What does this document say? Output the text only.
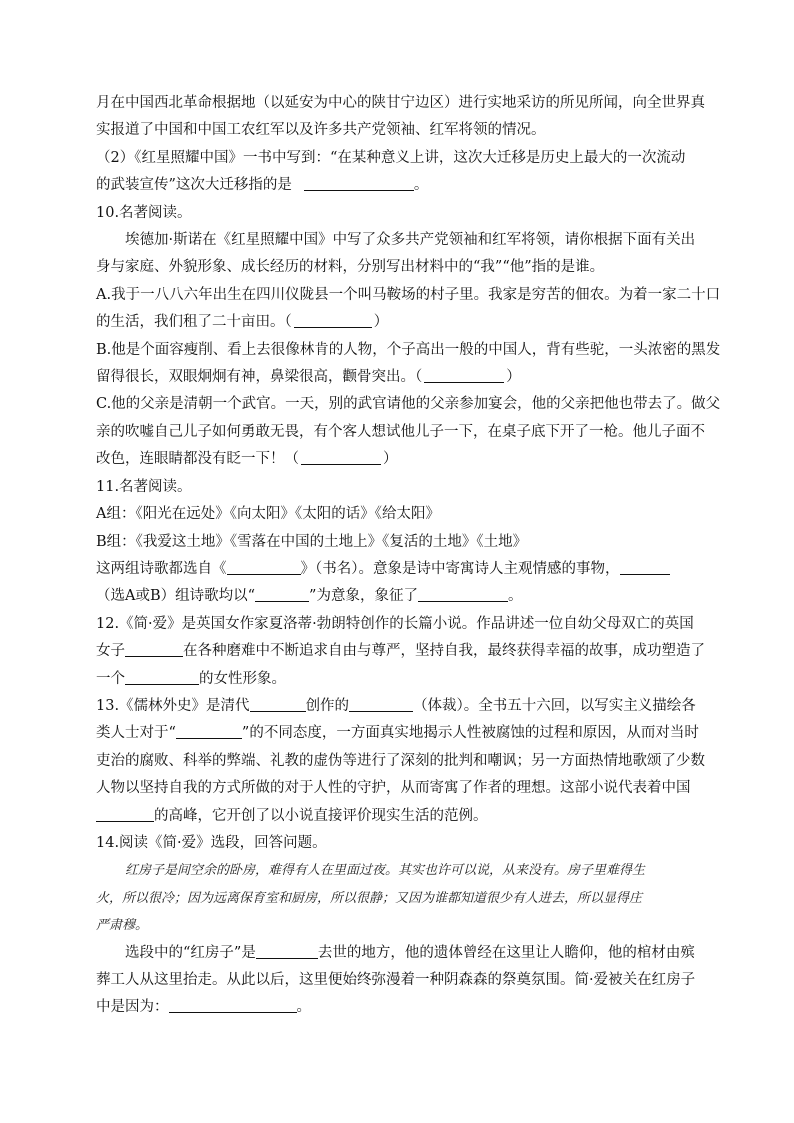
月在中国西北革命根据地（以延安为中心的陕甘宁边区）进行实地采访的所见所闻，向全世界真

实报道了中国和中国工农红军以及许多共产党领袖、红军将领的情况。

（2）《红星照耀中国》一书中写到：“在某种意义上讲，这次大迁移是历史上最大的一次流动

的武装宣传”这次大迁移指的是	。

10.名著阅读。

埃德加·斯诺在《红星照耀中国》中写了众多共产党领袖和红军将领，请你根据下面有关出

身与家庭、外貌形象、成长经历的材料，分别写出材料中的“我”“他”指的是谁。

A.我于一八八六年出生在四川仪陇县一个叫马鞍场的村子里。我家是穷苦的佃农。为着一家二十口

的生活，我们租了二十亩田。（	）

B.他是个面容瘦削、看上去很像林肯的人物，个子高出一般的中国人，背有些驼，一头浓密的黑发

留得很长，双眼炯炯有神，鼻梁很高，颧骨突出。（	）

C.他的父亲是清朝一个武官。一天，别的武官请他的父亲参加宴会，他的父亲把他也带去了。做父

亲的吹嘘自己儿子如何勇敢无畏，有个客人想试他儿子一下，在桌子底下开了一枪。他儿子面不

改色，连眼睛都没有眨一下！（	）

11.名著阅读。

A组：《阳光在远处》《向太阳》《太阳的话》《给太阳》

B组：《我爱这土地》《雪落在中国的土地上》《复活的土地》《土地》

这两组诗歌都选自《	》（书名）。意象是诗中寄寓诗人主观情感的事物，

（选A或B）组诗歌均以“	”为意象，象征了	。

12.《简·爱》是英国女作家夏洛蒂·勃朗特创作的长篇小说。作品讲述一位自幼父母双亡的英国

女子	在各种磨难中不断追求自由与尊严，坚持自我，最终获得幸福的故事，成功塑造了

一个	的女性形象。

13.《儒林外史》是清代	创作的	（体裁）。全书五十六回，以写实主义描绘各

类人士对于“	”的不同态度，一方面真实地揭示人性被腐蚀的过程和原因，从而对当时

吏治的腐败、科举的弊端、礼教的虚伪等进行了深刻的批判和嘲讽；另一方面热情地歌颂了少数

人物以坚持自我的方式所做的对于人性的守护，从而寄寓了作者的理想。这部小说代表着中国

的高峰，它开创了以小说直接评价现实生活的范例。

14.阅读《简·爱》选段，回答问题。

红房子是间空余的卧房，难得有人在里面过夜。其实也许可以说，从来没有。房子里难得生

火，所以很冷；因为远离保育室和厨房，所以很静；又因为谁都知道很少有人进去，所以显得庄

严肃穆。

选段中的“红房子”是	去世的地方，他的遗体曾经在这里让人瞻仰，他的棺材由殡

葬工人从这里抬走。从此以后，这里便始终弥漫着一种阴森森的祭奠氛围。简·爱被关在红房子

中是因为：	。
